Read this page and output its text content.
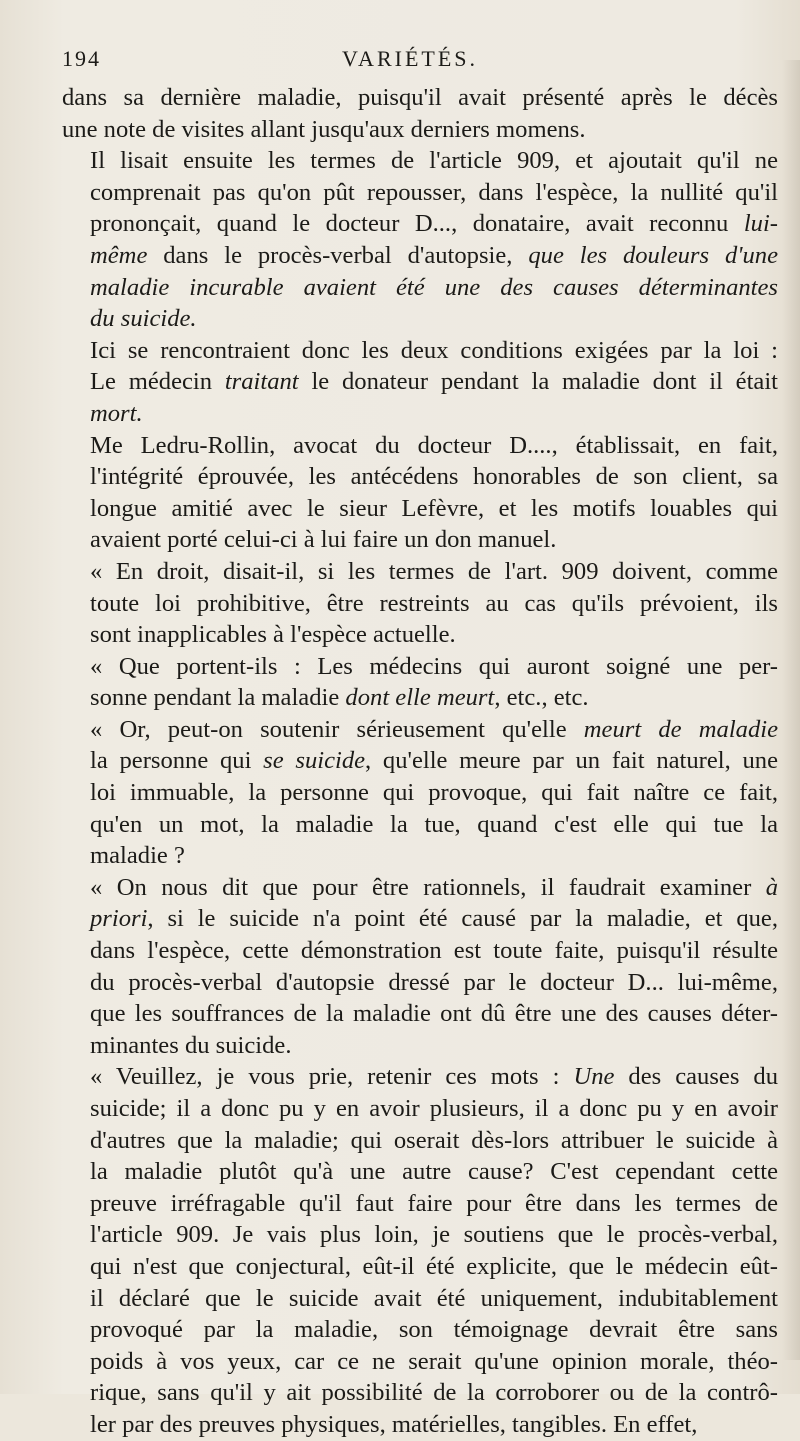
194	VARIÉTÉS.

dans sa dernière maladie, puisqu'il avait présenté après le décès
une note de visites allant jusqu'aux derniers momens.

Il lisait ensuite les termes de l'article 909, et ajoutait qu'il ne
comprenait pas qu'on pût repousser, dans l'espèce, la nullité qu'il
prononçait, quand le docteur D..., donataire, avait reconnu lui-
même dans le procès-verbal d'autopsie, que les douleurs d'une
maladie incurable avaient été une des causes déterminantes
du suicide.

Ici se rencontraient donc les deux conditions exigées par la loi :
Le médecin traitant le donateur pendant la maladie dont il était
mort.

Me Ledru-Rollin, avocat du docteur D...., établissait, en fait,
l'intégrité éprouvée, les antécédens honorables de son client, sa
longue amitié avec le sieur Lefèvre, et les motifs louables qui
avaient porté celui-ci à lui faire un don manuel.

« En droit, disait-il, si les termes de l'art. 909 doivent, comme
toute loi prohibitive, être restreints au cas qu'ils prévoient, ils
sont inapplicables à l'espèce actuelle.

« Que portent-ils : Les médecins qui auront soigné une per-
sonne pendant la maladie dont elle meurt, etc., etc.

« Or, peut-on soutenir sérieusement qu'elle meurt de maladie
la personne qui se suicide, qu'elle meure par un fait naturel, une
loi immuable, la personne qui provoque, qui fait naître ce fait,
qu'en un mot, la maladie la tue, quand c'est elle qui tue la
maladie ?

« On nous dit que pour être rationnels, il faudrait examiner à
priori, si le suicide n'a point été causé par la maladie, et que,
dans l'espèce, cette démonstration est toute faite, puisqu'il résulte
du procès-verbal d'autopsie dressé par le docteur D... lui-même,
que les souffrances de la maladie ont dû être une des causes déter-
minantes du suicide.

« Veuillez, je vous prie, retenir ces mots : Une des causes du
suicide; il a donc pu y en avoir plusieurs, il a donc pu y en avoir
d'autres que la maladie; qui oserait dès-lors attribuer le suicide à
la maladie plutôt qu'à une autre cause? C'est cependant cette
preuve irréfragable qu'il faut faire pour être dans les termes de
l'article 909. Je vais plus loin, je soutiens que le procès-verbal,
qui n'est que conjectural, eût-il été explicite, que le médecin eût-
il déclaré que le suicide avait été uniquement, indubitablement
provoqué par la maladie, son témoignage devrait être sans
poids à vos yeux, car ce ne serait qu'une opinion morale, théo-
rique, sans qu'il y ait possibilité de la corroborer ou de la contrô-
ler par des preuves physiques, matérielles, tangibles. En effet,
